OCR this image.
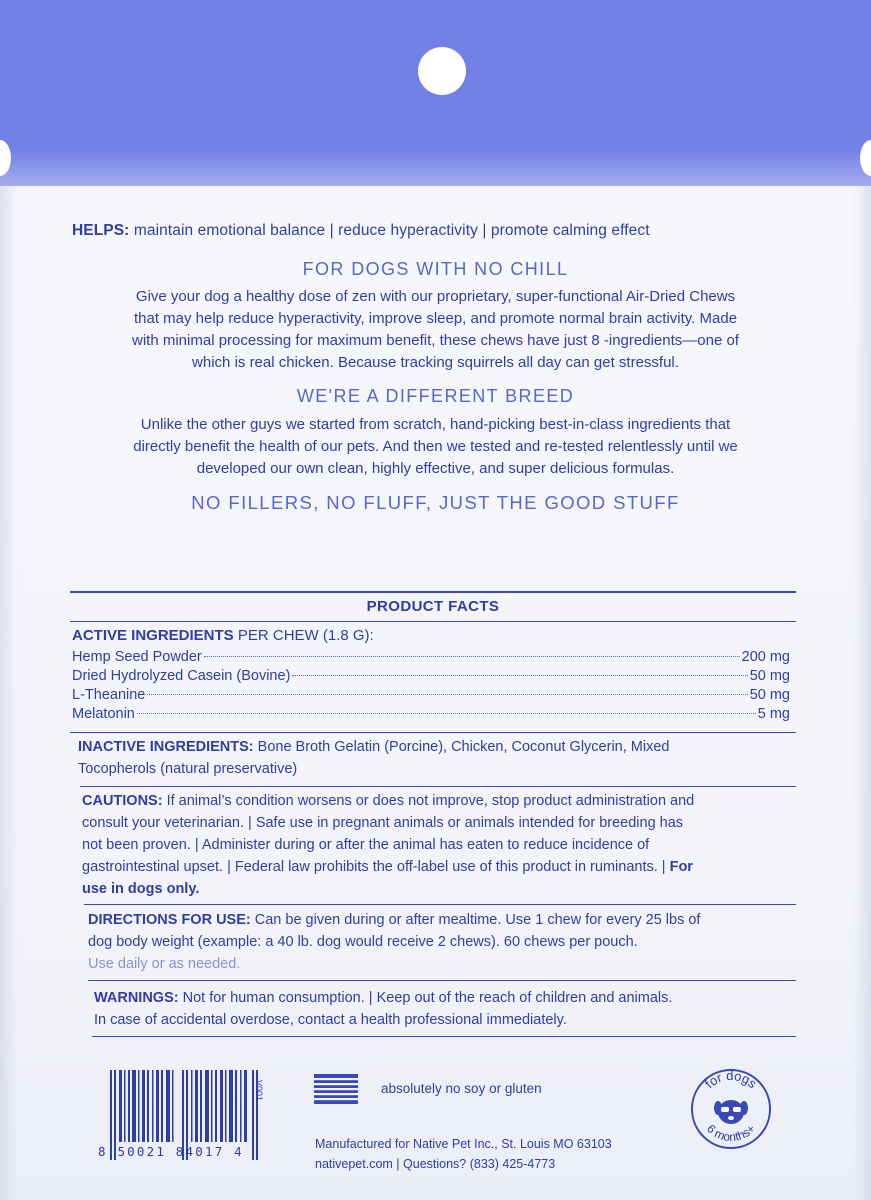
HELPS: maintain emotional balance | reduce hyperactivity | promote calming effect
FOR DOGS WITH NO CHILL
Give your dog a healthy dose of zen with our proprietary, super-functional Air-Dried Chews
that may help reduce hyperactivity, improve sleep, and promote normal brain activity. Made
with minimal processing for maximum benefit, these chews have just 8 -ingredients—one of
which is real chicken. Because tracking squirrels all day can get stressful.
WE'RE A DIFFERENT BREED
Unlike the other guys we started from scratch, hand-picking best-in-class ingredients that
directly benefit the health of our pets. And then we tested and re-tested relentlessly until we
developed our own clean, highly effective, and super delicious formulas.
NO FILLERS, NO FLUFF, JUST THE GOOD STUFF
PRODUCT FACTS
ACTIVE INGREDIENTS PER CHEW (1.8 G):
Hemp Seed Powder	200 mg
Dried Hydrolyzed Casein (Bovine)	50 mg
L-Theanine	50 mg
Melatonin	5 mg
INACTIVE INGREDIENTS: Bone Broth Gelatin (Porcine), Chicken, Coconut Glycerin, Mixed
Tocopherols (natural preservative)
CAUTIONS: If animal’s condition worsens or does not improve, stop product administration and
consult your veterinarian. | Safe use in pregnant animals or animals intended for breeding has
not been proven. | Administer during or after the animal has eaten to reduce incidence of
gastrointestinal upset. | Federal law prohibits the off-label use of this product in ruminants. | For
use in dogs only.
DIRECTIONS FOR USE: Can be given during or after mealtime. Use 1 chew for every 25 lbs of
dog body weight (example: a 40 lb. dog would receive 2 chews). 60 chews per pouch.
Use daily or as needed.
WARNINGS: Not for human consumption. | Keep out of the reach of children and animals.
In case of accidental overdose, contact a health professional immediately.
8 50021 84017 4
V001	absolutely no soy or gluten
Manufactured for Native Pet Inc., St. Louis MO 63103
nativepet.com | Questions? (833) 425-4773
for dogs
6 months+
